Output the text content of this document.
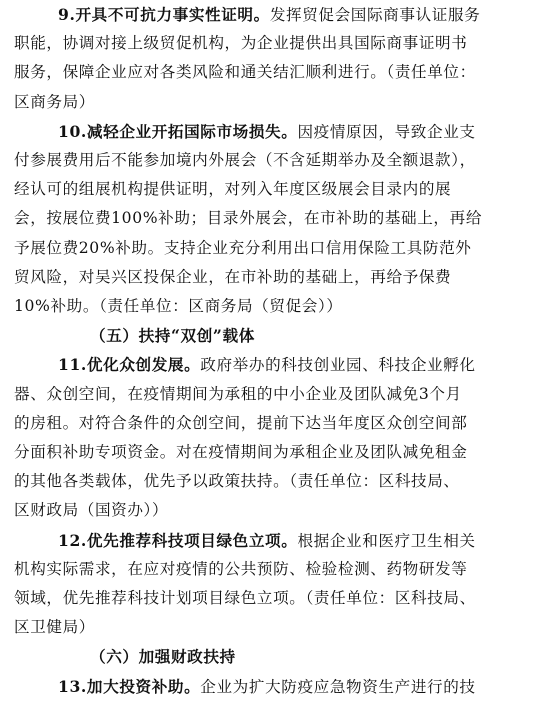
9.开具不可抗力事实性证明。发挥贸促会国际商事认证服务
职能，协调对接上级贸促机构，为企业提供出具国际商事证明书
服务，保障企业应对各类风险和通关结汇顺利进行。（责任单位：
区商务局）
10.减轻企业开拓国际市场损失。因疫情原因，导致企业支
付参展费用后不能参加境内外展会（不含延期举办及全额退款），
经认可的组展机构提供证明，对列入年度区级展会目录内的展
会，按展位费100%补助；目录外展会，在市补助的基础上，再给
予展位费20%补助。支持企业充分利用出口信用保险工具防范外
贸风险，对吴兴区投保企业，在市补助的基础上，再给予保费
10%补助。（责任单位：区商务局（贸促会））
（五）扶持“双创”载体
11.优化众创发展。政府举办的科技创业园、科技企业孵化
器、众创空间，在疫情期间为承租的中小企业及团队减免3个月
的房租。对符合条件的众创空间，提前下达当年度区众创空间部
分面积补助专项资金。对在疫情期间为承租企业及团队减免租金
的其他各类载体，优先予以政策扶持。（责任单位：区科技局、
区财政局（国资办））
12.优先推荐科技项目绿色立项。根据企业和医疗卫生相关
机构实际需求，在应对疫情的公共预防、检验检测、药物研发等
领域，优先推荐科技计划项目绿色立项。（责任单位：区科技局、
区卫健局）
（六）加强财政扶持
13.加大投资补助。企业为扩大防疫应急物资生产进行的技
